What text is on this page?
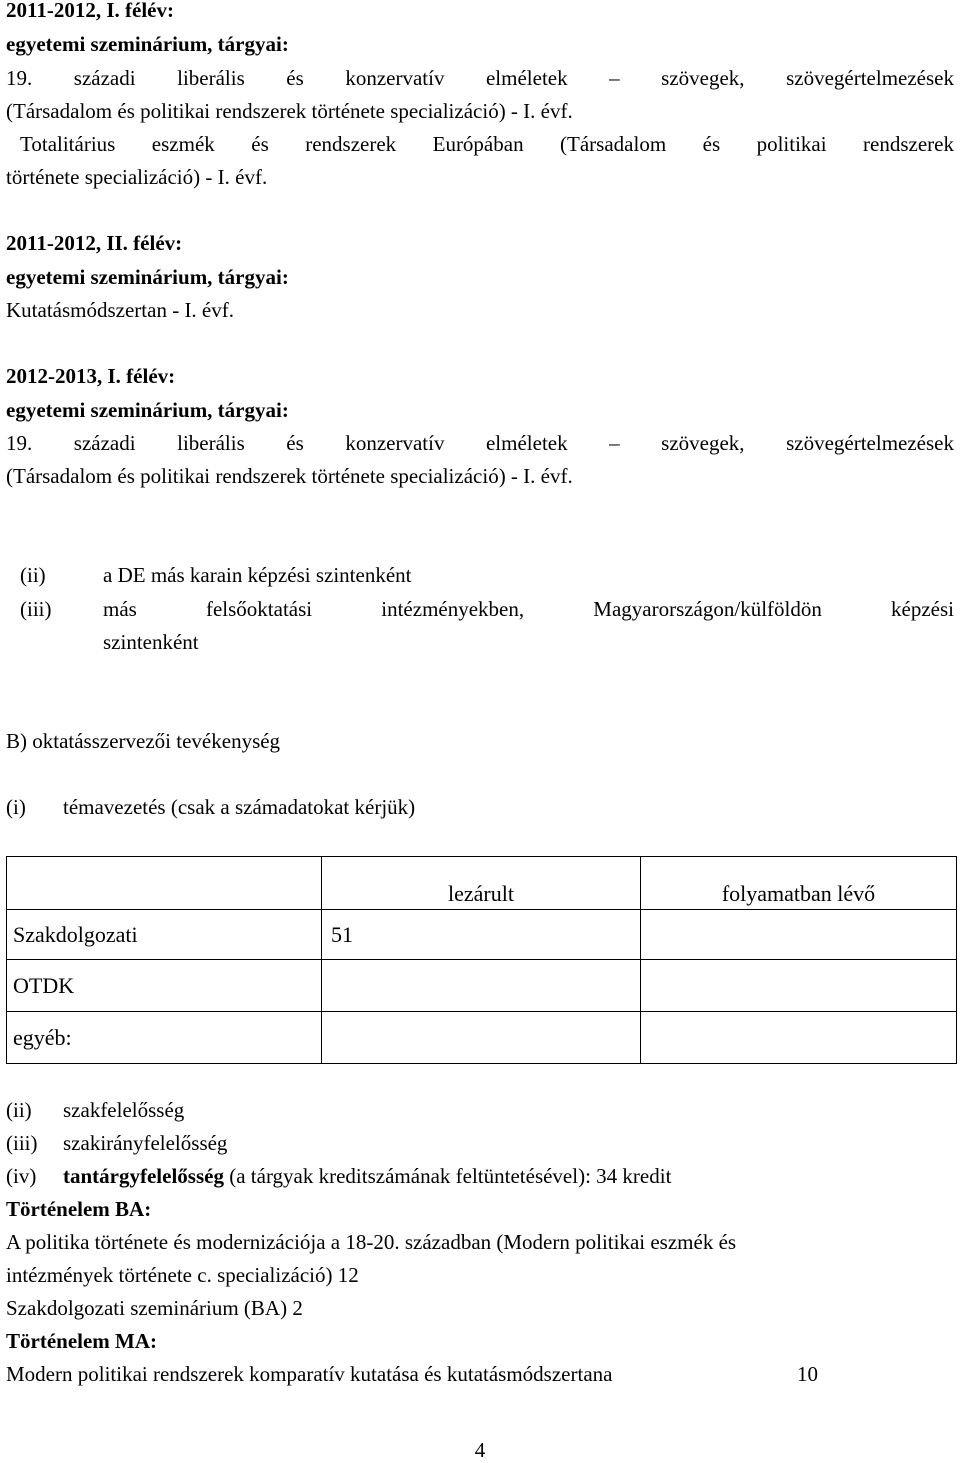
2011-2012, I. félév:
egyetemi szeminárium, tárgyai:
19. századi liberális és konzervatív elméletek – szövegek, szövegértelmezések
(Társadalom és politikai rendszerek története specializáció) - I. évf.
Totalitárius eszmék és rendszerek Európában (Társadalom és politikai rendszerek
története specializáció) - I. évf.
2011-2012, II. félév:
egyetemi szeminárium, tárgyai:
Kutatásmódszertan - I. évf.
2012-2013, I. félév:
egyetemi szeminárium, tárgyai:
19. századi liberális és konzervatív elméletek – szövegek, szövegértelmezések
(Társadalom és politikai rendszerek története specializáció) - I. évf.
(ii)	a DE más karain képzési szintenként
(iii) más felsőoktatási intézményekben, Magyarországon/külföldön képzési
szintenként
B) oktatásszervezői tevékenység
(i) témavezetés (csak a számadatokat kérjük)
	lezárult	folyamatban lévő
Szakdolgozati 51		

OTDK		
egyéb:		
(ii) szakfelelősség
(iii) szakirányfelelősség
(iv) tantárgyfelelősség (a tárgyak kreditszámának feltüntetésével): 34 kredit
Történelem BA:
A politika története és modernizációja a 18-20. században (Modern politikai eszmék és
intézmények története c. specializáció) 12
Szakdolgozati szeminárium (BA) 2
Történelem MA:
Modern politikai rendszerek komparatív kutatása és kutatásmódszertana	10
4
